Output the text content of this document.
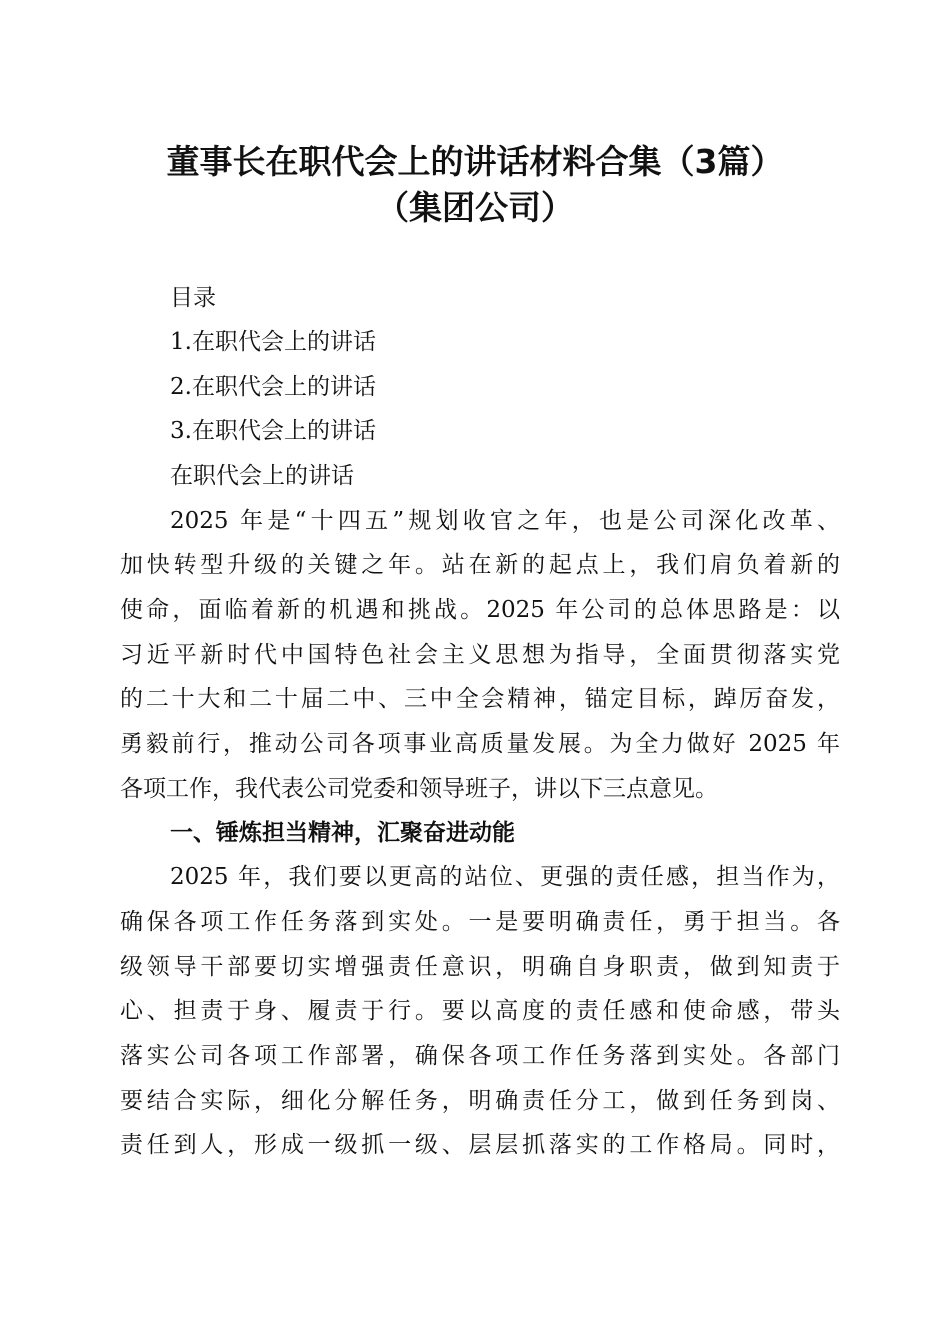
董事长在职代会上的讲话材料合集（3篇）
（集团公司）
目录
1.在职代会上的讲话
2.在职代会上的讲话
3.在职代会上的讲话
在职代会上的讲话
2025 年是“十四五”规划收官之年，也是公司深化改革、
加快转型升级的关键之年。站在新的起点上，我们肩负着新的
使命，面临着新的机遇和挑战。2025 年公司的总体思路是：以
习近平新时代中国特色社会主义思想为指导，全面贯彻落实党
的二十大和二十届二中、三中全会精神，锚定目标，踔厉奋发，
勇毅前行，推动公司各项事业高质量发展。为全力做好 2025 年
各项工作，我代表公司党委和领导班子，讲以下三点意见。
一、锤炼担当精神，汇聚奋进动能
2025 年，我们要以更高的站位、更强的责任感，担当作为，
确保各项工作任务落到实处。一是要明确责任，勇于担当。各
级领导干部要切实增强责任意识，明确自身职责，做到知责于
心、担责于身、履责于行。要以高度的责任感和使命感，带头
落实公司各项工作部署，确保各项工作任务落到实处。各部门
要结合实际，细化分解任务，明确责任分工，做到任务到岗、
责任到人，形成一级抓一级、层层抓落实的工作格局。同时，
